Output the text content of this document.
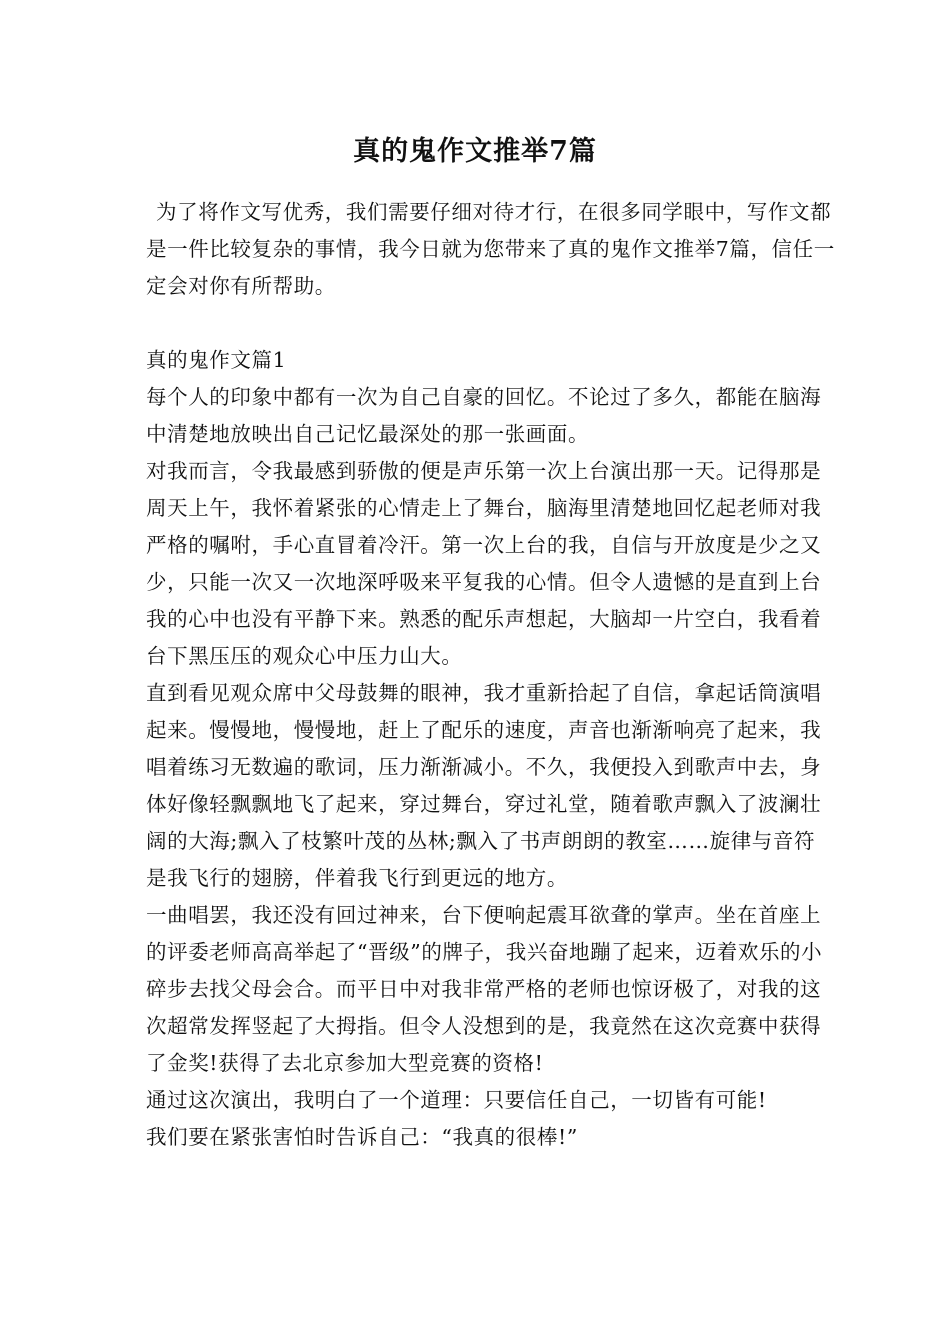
真的鬼作文推举7篇

为了将作文写优秀，我们需要仔细对待才行，在很多同学眼中，写作文都是一件比较复杂的事情，我今日就为您带来了真的鬼作文推举7篇，信任一定会对你有所帮助。

真的鬼作文篇1

每个人的印象中都有一次为自己自豪的回忆。不论过了多久，都能在脑海中清楚地放映出自己记忆最深处的那一张画面。

对我而言，令我最感到骄傲的便是声乐第一次上台演出那一天。记得那是周天上午，我怀着紧张的心情走上了舞台，脑海里清楚地回忆起老师对我严格的嘱咐，手心直冒着冷汗。第一次上台的我，自信与开放度是少之又少，只能一次又一次地深呼吸来平复我的心情。但令人遗憾的是直到上台我的心中也没有平静下来。熟悉的配乐声想起，大脑却一片空白，我看着台下黑压压的观众心中压力山大。

直到看见观众席中父母鼓舞的眼神，我才重新拾起了自信，拿起话筒演唱起来。慢慢地，慢慢地，赶上了配乐的速度，声音也渐渐响亮了起来，我唱着练习无数遍的歌词，压力渐渐减小。不久，我便投入到歌声中去，身体好像轻飘飘地飞了起来，穿过舞台，穿过礼堂，随着歌声飘入了波澜壮阔的大海;飘入了枝繁叶茂的丛林;飘入了书声朗朗的教室……旋律与音符是我飞行的翅膀，伴着我飞行到更远的地方。

一曲唱罢，我还没有回过神来，台下便响起震耳欲聋的掌声。坐在首座上的评委老师高高举起了“晋级”的牌子，我兴奋地蹦了起来，迈着欢乐的小碎步去找父母会合。而平日中对我非常严格的老师也惊讶极了，对我的这次超常发挥竖起了大拇指。但令人没想到的是，我竟然在这次竞赛中获得了金奖!获得了去北京参加大型竞赛的资格!

通过这次演出，我明白了一个道理：只要信任自己，一切皆有可能!

我们要在紧张害怕时告诉自己：“我真的很棒!”
